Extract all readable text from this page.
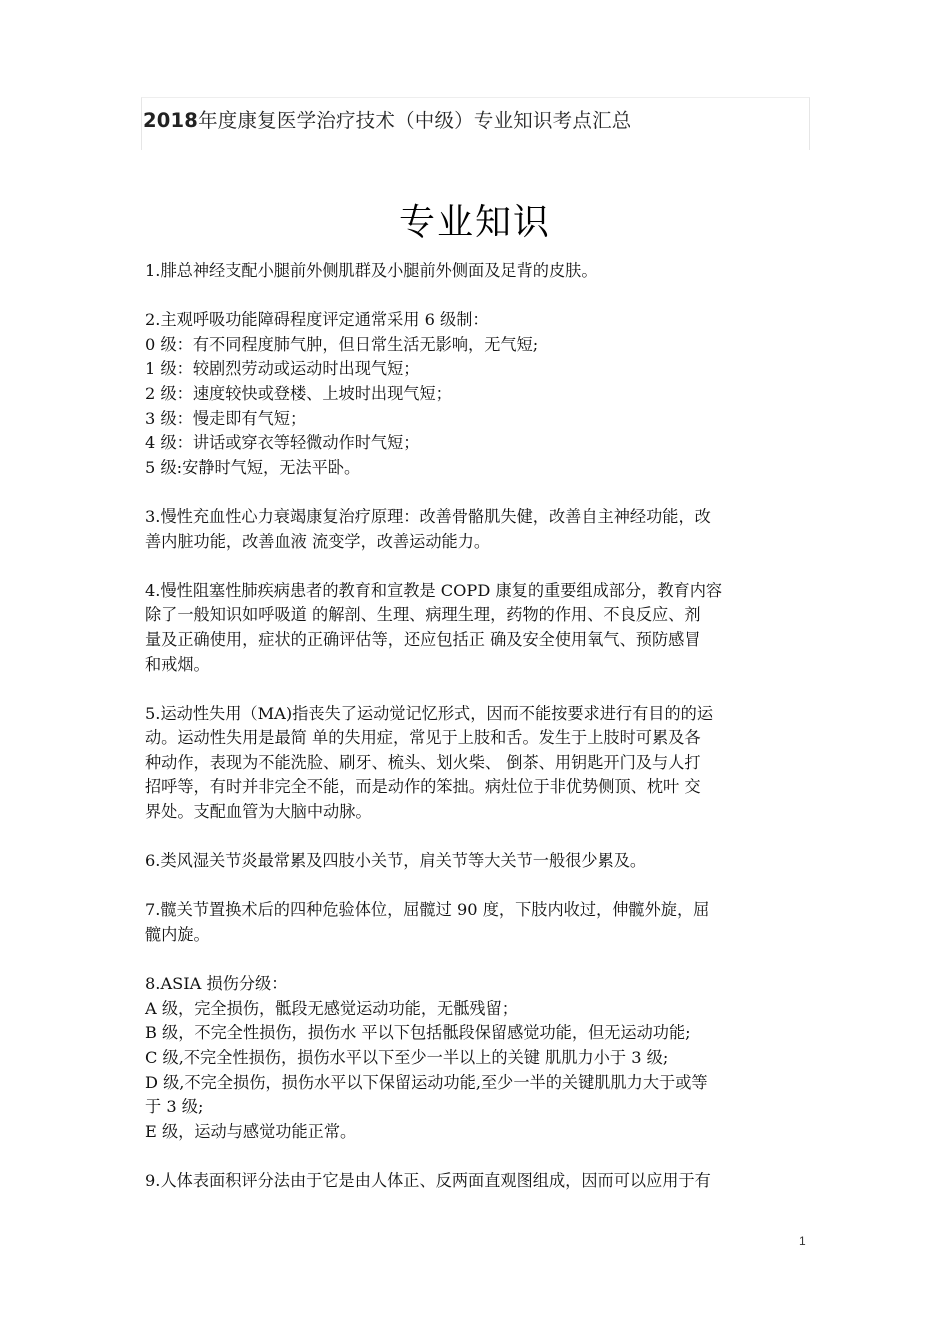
2018年度康复医学治疗技术（中级）专业知识考点汇总
专业知识
1.腓总神经支配小腿前外侧肌群及小腿前外侧面及足背的皮肤。
2.主观呼吸功能障碍程度评定通常采用 6 级制：
0 级：有不同程度肺气肿，但日常生活无影响，无气短;
1 级：较剧烈劳动或运动时出现气短；
2 级：速度较快或登楼、上坡时出现气短；
3 级：慢走即有气短；
4 级：讲话或穿衣等轻微动作时气短；
5 级:安静时气短，无法平卧。
3.慢性充血性心力衰竭康复治疗原理：改善骨骼肌失健，改善自主神经功能，改
善内脏功能，改善血液 流变学，改善运动能力。
4.慢性阻塞性肺疾病患者的教育和宣教是 COPD 康复的重要组成部分，教育内容
除了一般知识如呼吸道 的解剖、生理、病理生理，药物的作用、不良反应、剂
量及正确使用，症状的正确评估等，还应包括正 确及安全使用氧气、预防感冒
和戒烟。
5.运动性失用（MA)指丧失了运动觉记忆形式，因而不能按要求进行有目的的运
动。运动性失用是最简 单的失用症，常见于上肢和舌。发生于上肢时可累及各
种动作，表现为不能洗脸、刷牙、梳头、划火柴、 倒茶、用钥匙开门及与人打
招呼等，有时并非完全不能，而是动作的笨拙。病灶位于非优势侧顶、枕叶 交
界处。支配血管为大脑中动脉。
6.类风湿关节炎最常累及四肢小关节，肩关节等大关节一般很少累及。
7.髋关节置换术后的四种危验体位，屈髋过 90 度，下肢内收过，伸髋外旋，屈
髋内旋。
8.ASIA 损伤分级：
A 级，完全损伤，骶段无感觉运动功能，无骶残留；
B 级，不完全性损伤，损伤水 平以下包括骶段保留感觉功能，但无运动功能;
C 级,不完全性损伤，损伤水平以下至少一半以上的关键 肌肌力小于 3 级;
D 级,不完全损伤，损伤水平以下保留运动功能,至少一半的关键肌肌力大于或等
于 3 级;
E 级，运动与感觉功能正常。
9.人体表面积评分法由于它是由人体正、反两面直观图组成，因而可以应用于有
1
